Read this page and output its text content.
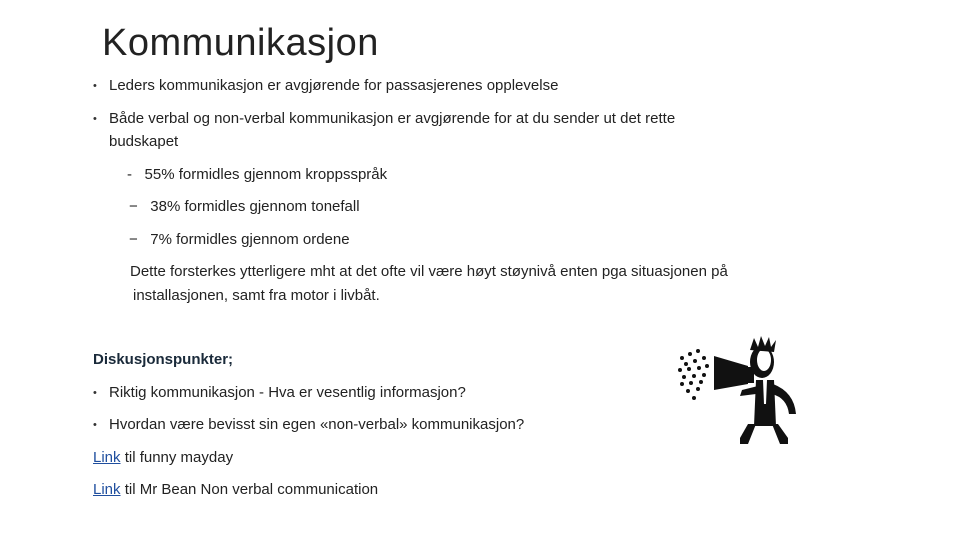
Kommunikasjon
• Leders kommunikasjon er avgjørende for passasjerenes opplevelse
• Både verbal og non-verbal kommunikasjon er avgjørende for at du sender ut det rette
budskapet
- 55% formidles gjennom kroppsspråk
− 38% formidles gjennom tonefall
− 7% formidles gjennom ordene
Dette forsterkes ytterligere mht at det ofte vil være høyt støynivå enten pga situasjonen på
installasjonen, samt fra motor i livbåt.
Diskusjonspunkter;
• Riktig kommunikasjon - Hva er vesentlig informasjon?
• Hvordan være bevisst sin egen «non-verbal» kommunikasjon?
Link til funny mayday
Link til Mr Bean Non verbal communication
